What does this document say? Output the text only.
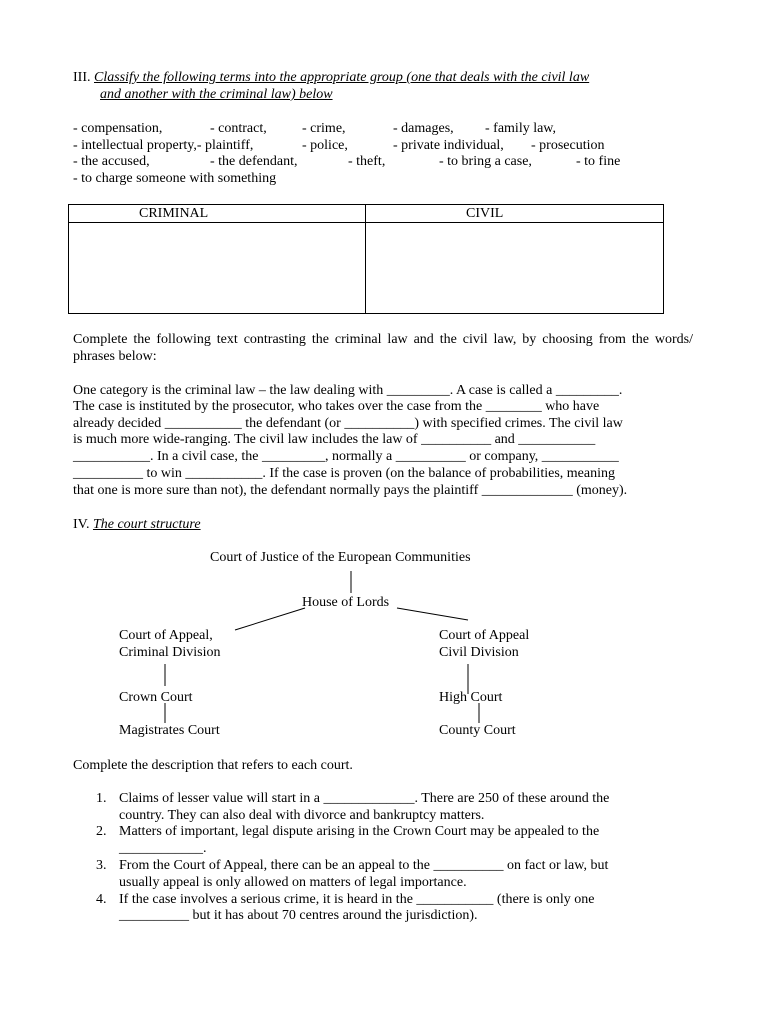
III. Classify the following terms into the appropriate group (one that deals with the civil law
and another with the criminal law) below
- compensation,	- contract,	- crime,	- damages, - family law,
- intellectual property,- plaintiff,	- police,	- private individual, - prosecution
- the accused,	- the defendant,	- theft,	- to bring a case,	- to fine
- to charge someone with something
CRIMINAL	CIVIL
Complete the following text contrasting the criminal law and the civil law, by choosing from the words/ phrases below:
One category is the criminal law – the law dealing with _________. A case is called a _________.
The case is instituted by the prosecutor, who takes over the case from the ________ who have
already decided ___________ the defendant (or __________) with specified crimes. The civil law
is much more wide-ranging. The civil law includes the law of __________ and ___________
___________. In a civil case, the _________, normally a __________ or company, ___________
__________ to win ___________. If the case is proven (on the balance of probabilities, meaning
that one is more sure than not), the defendant normally pays the plaintiff _____________ (money).
IV. The court structure
Court of Justice of the European Communities
House of Lords
Court of Appeal,
Criminal Division
Court of Appeal
Civil Division
Crown Court	High Court
Magistrates Court	County Court
Complete the description that refers to each court.
1. Claims of lesser value will start in a _____________. There are 250 of these around the
country. They can also deal with divorce and bankruptcy matters.
2. Matters of important, legal dispute arising in the Crown Court may be appealed to the
____________.
3. From the Court of Appeal, there can be an appeal to the __________ on fact or law, but
usually appeal is only allowed on matters of legal importance.
4. If the case involves a serious crime, it is heard in the ___________ (there is only one
__________ but it has about 70 centres around the jurisdiction).
